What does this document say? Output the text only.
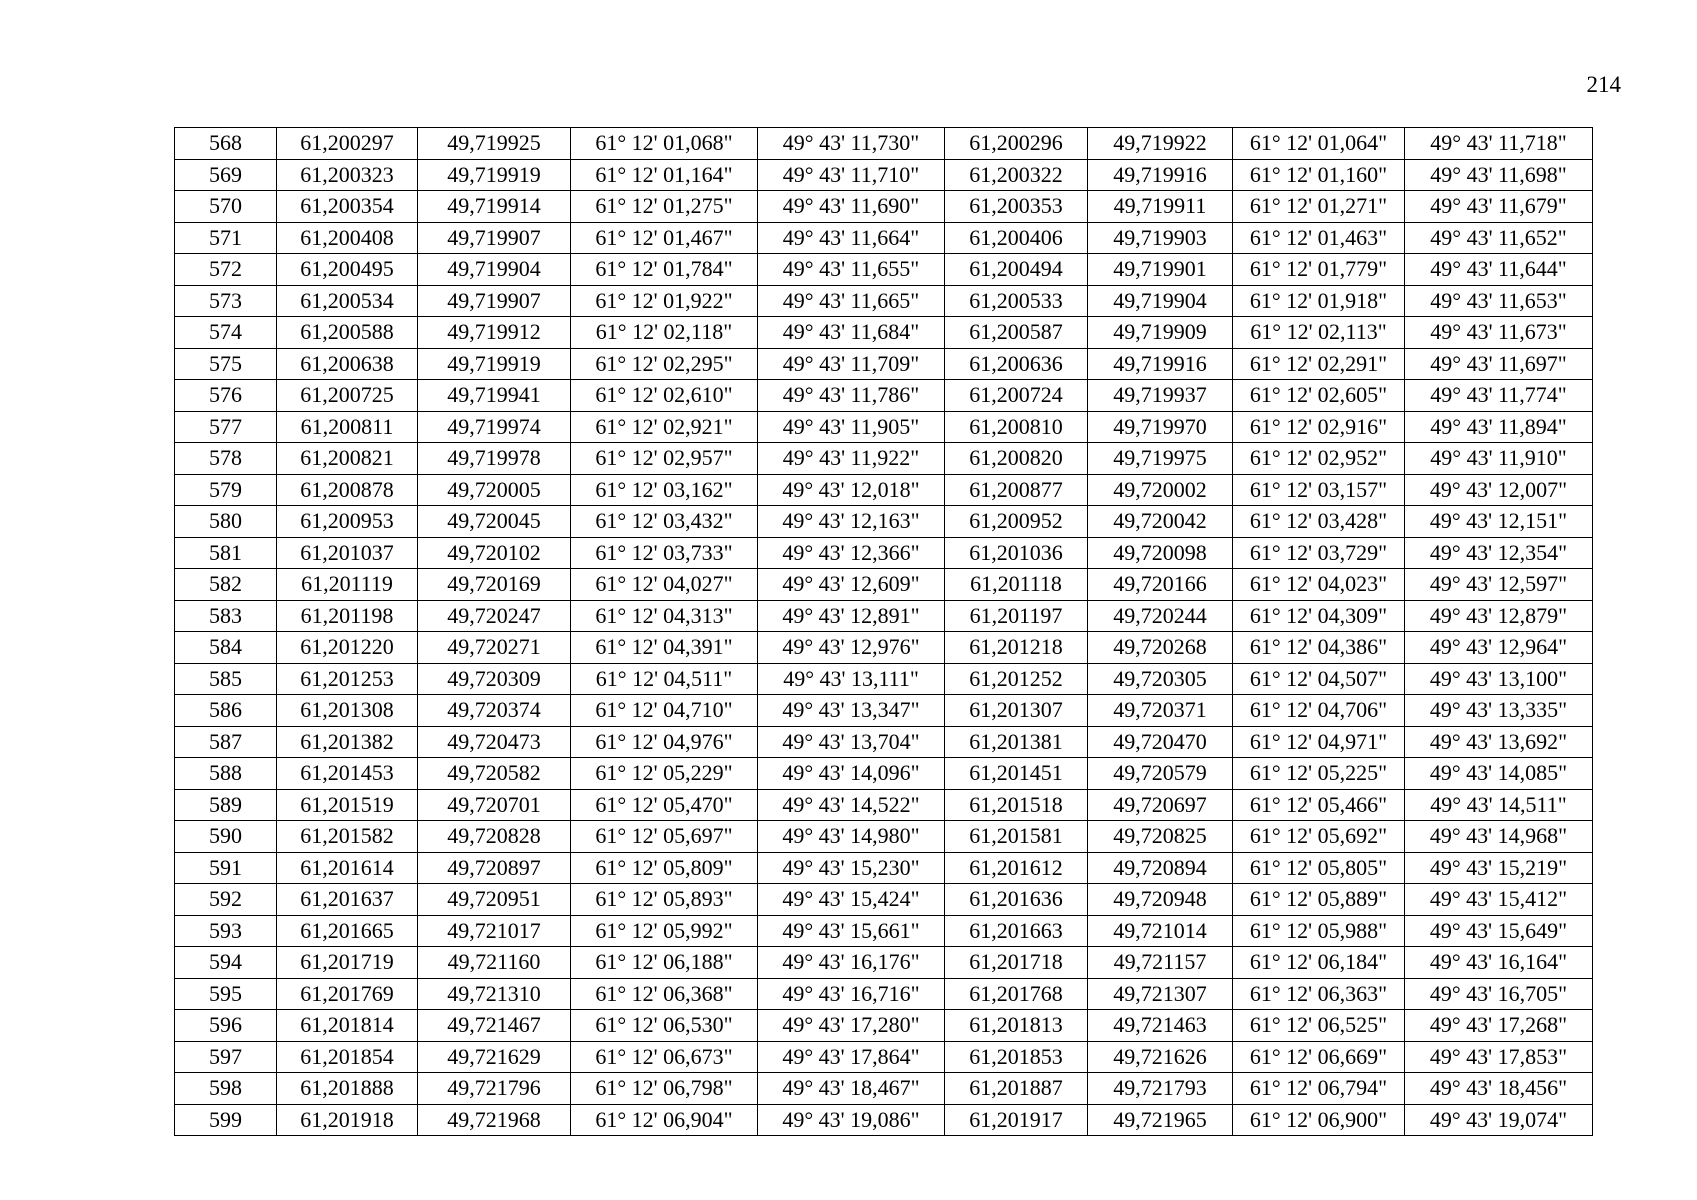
214
568	61,200297	49,719925	61° 12' 01,068"	49° 43' 11,730"	61,200296	49,719922	61° 12' 01,064"	49° 43' 11,718"
569	61,200323	49,719919	61° 12' 01,164"	49° 43' 11,710"	61,200322	49,719916	61° 12' 01,160"	49° 43' 11,698"
570	61,200354	49,719914	61° 12' 01,275"	49° 43' 11,690"	61,200353	49,719911	61° 12' 01,271"	49° 43' 11,679"
571	61,200408	49,719907	61° 12' 01,467"	49° 43' 11,664"	61,200406	49,719903	61° 12' 01,463"	49° 43' 11,652"
572	61,200495	49,719904	61° 12' 01,784"	49° 43' 11,655"	61,200494	49,719901	61° 12' 01,779"	49° 43' 11,644"
573	61,200534	49,719907	61° 12' 01,922"	49° 43' 11,665"	61,200533	49,719904	61° 12' 01,918"	49° 43' 11,653"
574	61,200588	49,719912	61° 12' 02,118"	49° 43' 11,684"	61,200587	49,719909	61° 12' 02,113"	49° 43' 11,673"
575	61,200638	49,719919	61° 12' 02,295"	49° 43' 11,709"	61,200636	49,719916	61° 12' 02,291"	49° 43' 11,697"
576	61,200725	49,719941	61° 12' 02,610"	49° 43' 11,786"	61,200724	49,719937	61° 12' 02,605"	49° 43' 11,774"
577	61,200811	49,719974	61° 12' 02,921"	49° 43' 11,905"	61,200810	49,719970	61° 12' 02,916"	49° 43' 11,894"
578	61,200821	49,719978	61° 12' 02,957"	49° 43' 11,922"	61,200820	49,719975	61° 12' 02,952"	49° 43' 11,910"
579	61,200878	49,720005	61° 12' 03,162"	49° 43' 12,018"	61,200877	49,720002	61° 12' 03,157"	49° 43' 12,007"
580	61,200953	49,720045	61° 12' 03,432"	49° 43' 12,163"	61,200952	49,720042	61° 12' 03,428"	49° 43' 12,151"
581	61,201037	49,720102	61° 12' 03,733"	49° 43' 12,366"	61,201036	49,720098	61° 12' 03,729"	49° 43' 12,354"
582	61,201119	49,720169	61° 12' 04,027"	49° 43' 12,609"	61,201118	49,720166	61° 12' 04,023"	49° 43' 12,597"
583	61,201198	49,720247	61° 12' 04,313"	49° 43' 12,891"	61,201197	49,720244	61° 12' 04,309"	49° 43' 12,879"
584	61,201220	49,720271	61° 12' 04,391"	49° 43' 12,976"	61,201218	49,720268	61° 12' 04,386"	49° 43' 12,964"
585	61,201253	49,720309	61° 12' 04,511"	49° 43' 13,111"	61,201252	49,720305	61° 12' 04,507"	49° 43' 13,100"
586	61,201308	49,720374	61° 12' 04,710"	49° 43' 13,347"	61,201307	49,720371	61° 12' 04,706"	49° 43' 13,335"
587	61,201382	49,720473	61° 12' 04,976"	49° 43' 13,704"	61,201381	49,720470	61° 12' 04,971"	49° 43' 13,692"
588	61,201453	49,720582	61° 12' 05,229"	49° 43' 14,096"	61,201451	49,720579	61° 12' 05,225"	49° 43' 14,085"
589	61,201519	49,720701	61° 12' 05,470"	49° 43' 14,522"	61,201518	49,720697	61° 12' 05,466"	49° 43' 14,511"
590	61,201582	49,720828	61° 12' 05,697"	49° 43' 14,980"	61,201581	49,720825	61° 12' 05,692"	49° 43' 14,968"
591	61,201614	49,720897	61° 12' 05,809"	49° 43' 15,230"	61,201612	49,720894	61° 12' 05,805"	49° 43' 15,219"
592	61,201637	49,720951	61° 12' 05,893"	49° 43' 15,424"	61,201636	49,720948	61° 12' 05,889"	49° 43' 15,412"
593	61,201665	49,721017	61° 12' 05,992"	49° 43' 15,661"	61,201663	49,721014	61° 12' 05,988"	49° 43' 15,649"
594	61,201719	49,721160	61° 12' 06,188"	49° 43' 16,176"	61,201718	49,721157	61° 12' 06,184"	49° 43' 16,164"
595	61,201769	49,721310	61° 12' 06,368"	49° 43' 16,716"	61,201768	49,721307	61° 12' 06,363"	49° 43' 16,705"
596	61,201814	49,721467	61° 12' 06,530"	49° 43' 17,280"	61,201813	49,721463	61° 12' 06,525"	49° 43' 17,268"
597	61,201854	49,721629	61° 12' 06,673"	49° 43' 17,864"	61,201853	49,721626	61° 12' 06,669"	49° 43' 17,853"
598	61,201888	49,721796	61° 12' 06,798"	49° 43' 18,467"	61,201887	49,721793	61° 12' 06,794"	49° 43' 18,456"
599	61,201918	49,721968	61° 12' 06,904"	49° 43' 19,086"	61,201917	49,721965	61° 12' 06,900"	49° 43' 19,074"
